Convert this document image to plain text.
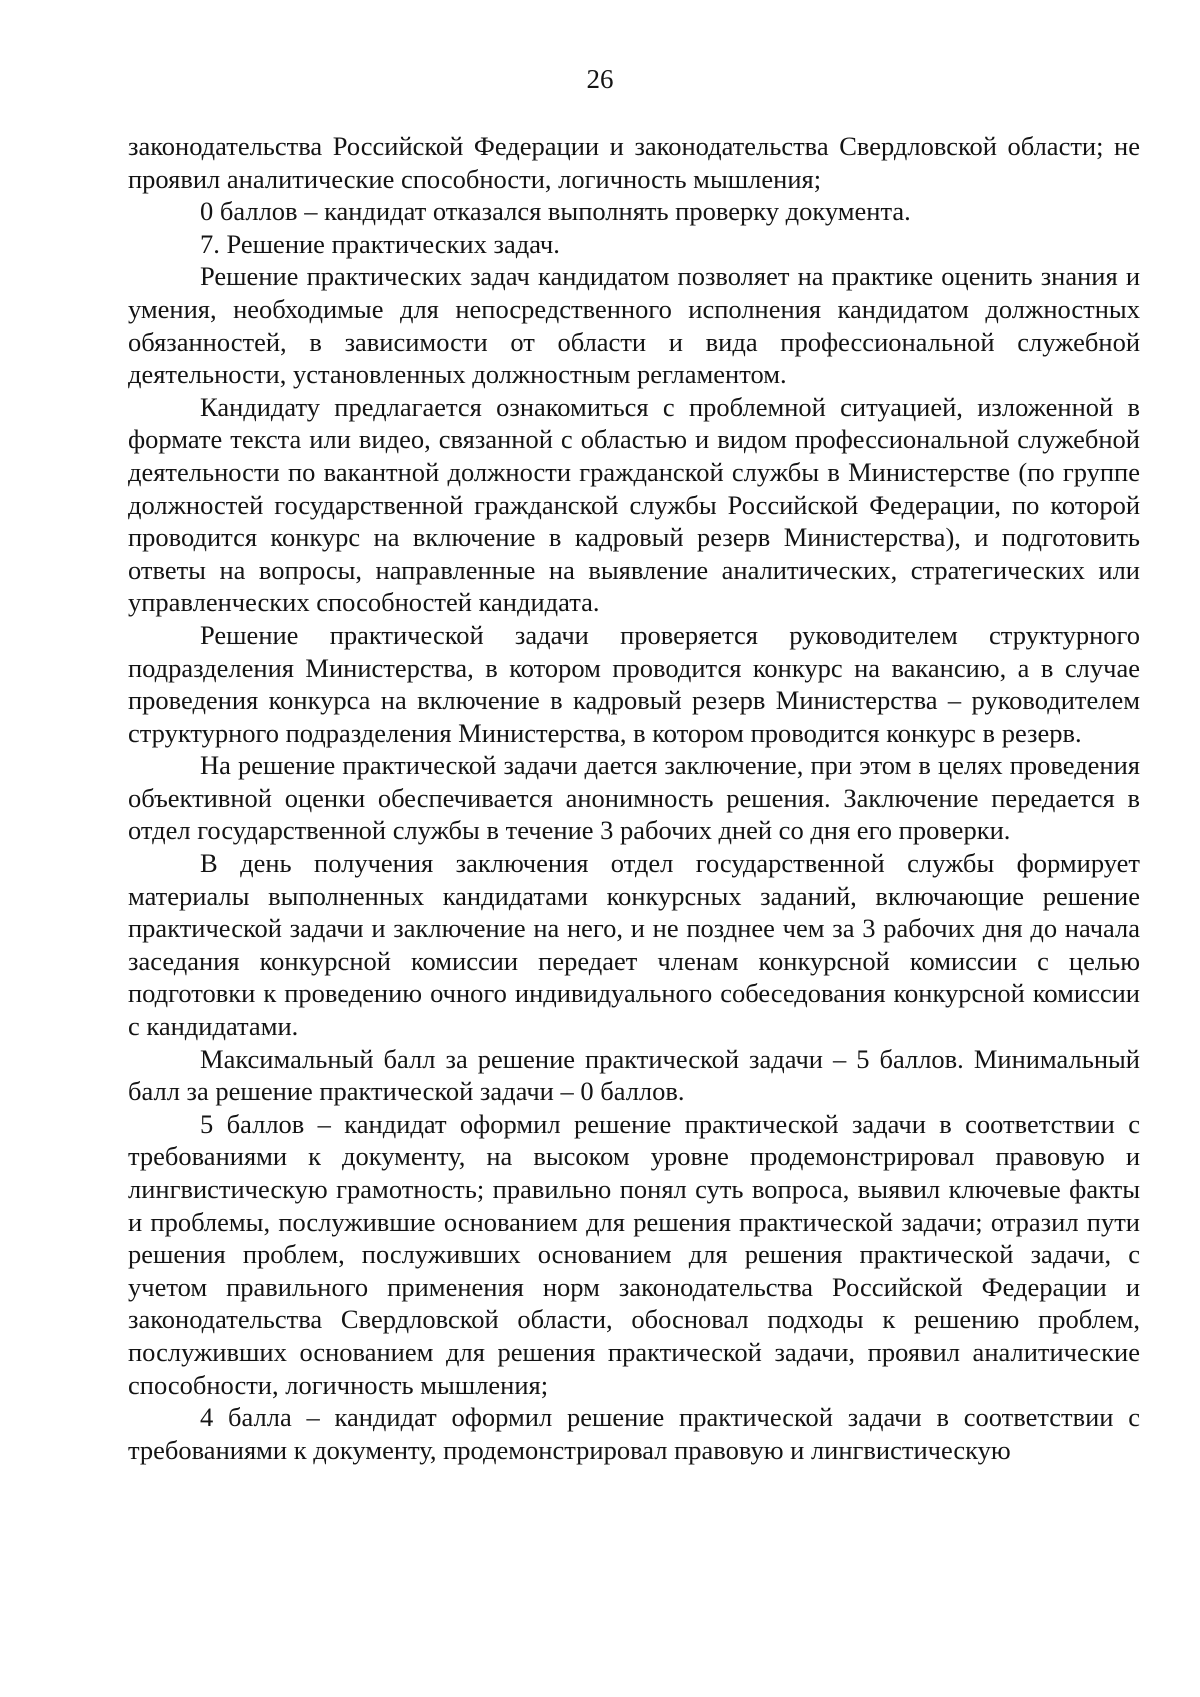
26

законодательства Российской Федерации и законодательства Свердловской области; не проявил аналитические способности, логичность мышления;

0 баллов – кандидат отказался выполнять проверку документа.

7. Решение практических задач.

Решение практических задач кандидатом позволяет на практике оценить знания и умения, необходимые для непосредственного исполнения кандидатом должностных обязанностей, в зависимости от области и вида профессиональной служебной деятельности, установленных должностным регламентом.

Кандидату предлагается ознакомиться с проблемной ситуацией, изложенной в формате текста или видео, связанной с областью и видом профессиональной служебной деятельности по вакантной должности гражданской службы в Министерстве (по группе должностей государственной гражданской службы Российской Федерации, по которой проводится конкурс на включение в кадровый резерв Министерства), и подготовить ответы на вопросы, направленные на выявление аналитических, стратегических или управленческих способностей кандидата.

Решение практической задачи проверяется руководителем структурного подразделения Министерства, в котором проводится конкурс на вакансию, а в случае проведения конкурса на включение в кадровый резерв Министерства – руководителем структурного подразделения Министерства, в котором проводится конкурс в резерв.

На решение практической задачи дается заключение, при этом в целях проведения объективной оценки обеспечивается анонимность решения. Заключение передается в отдел государственной службы в течение 3 рабочих дней со дня его проверки.

В день получения заключения отдел государственной службы формирует материалы выполненных кандидатами конкурсных заданий, включающие решение практической задачи и заключение на него, и не позднее чем за 3 рабочих дня до начала заседания конкурсной комиссии передает членам конкурсной комиссии с целью подготовки к проведению очного индивидуального собеседования конкурсной комиссии с кандидатами.

Максимальный балл за решение практической задачи – 5 баллов. Минимальный балл за решение практической задачи – 0 баллов.

5 баллов – кандидат оформил решение практической задачи в соответствии с требованиями к документу, на высоком уровне продемонстрировал правовую и лингвистическую грамотность; правильно понял суть вопроса, выявил ключевые факты и проблемы, послужившие основанием для решения практической задачи; отразил пути решения проблем, послуживших основанием для решения практической задачи, с учетом правильного применения норм законодательства Российской Федерации и законодательства Свердловской области, обосновал подходы к решению проблем, послуживших основанием для решения практической задачи, проявил аналитические способности, логичность мышления;

4 балла – кандидат оформил решение практической задачи в соответствии с требованиями к документу, продемонстрировал правовую и лингвистическую
